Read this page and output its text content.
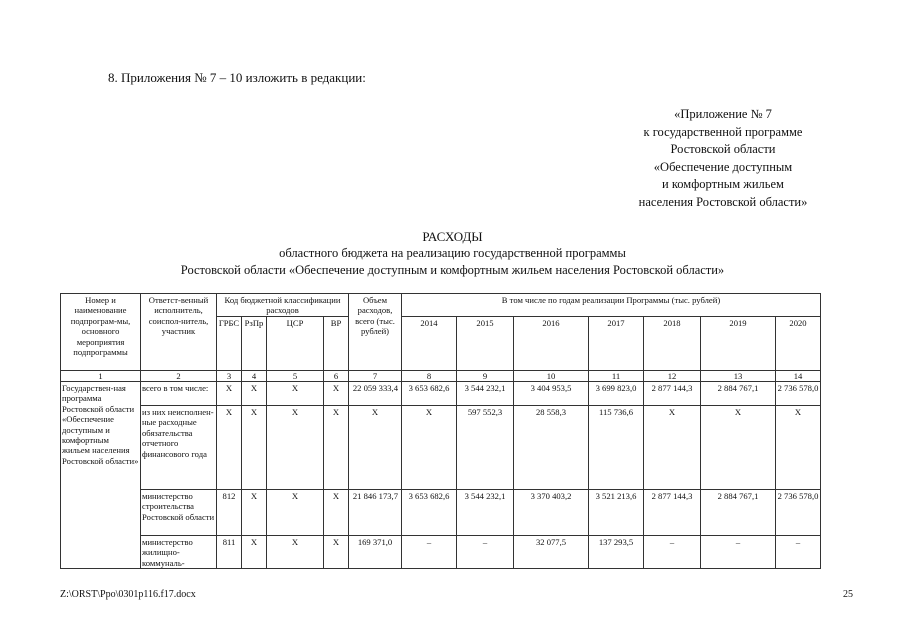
8. Приложения № 7 – 10 изложить в редакции:
«Приложение № 7
к государственной программе
Ростовской области
«Обеспечение доступным
и комфортным жильем
населения Ростовской области»
РАСХОДЫ
областного бюджета на реализацию государственной программы
Ростовской области «Обеспечение доступным и комфортным жильем населения Ростовской области»
Номер и наименование подпрограм-мы, основного мероприятия подпрограммы	Ответст-венный исполнитель, соиспол-нитель, участник	Код бюджетной классификации расходов				Объем расходов, всего (тыс. рублей)	В том числе по годам реализации Программы (тыс. рублей)						
		ГРБС	РзПр	ЦСР	ВР		2014	2015	2016	2017	2018	2019	2020
1	2	3	4	5	6	7	8	9	10	11	12	13	14
Государствен-ная программа Ростовской области «Обеспечение доступным и комфортным жильем населения Ростовской области»	всего в том числе:	X	X	X	X	22 059 333,4	3 653 682,6	3 544 232,1	3 404 953,5	3 699 823,0	2 877 144,3	2 884 767,1	2 736 578,0
	из них неисполнен-ные расходные обязательства отчетного финансового года	X	X	X	X	X	X	597 552,3	28 558,3	115 736,6	X	X	X
	министерство строительства Ростовской области	812	X	X	X	21 846 173,7	3 653 682,6	3 544 232,1	3 370 403,2	3 521 213,6	2 877 144,3	2 884 767,1	2 736 578,0
	министерство жилищно-коммуналь-	811	X	X	X	169 371,0	–	–	32 077,5	137 293,5	–	–	–
Z:\ORST\Ppo\0301p116.f17.docx	25
